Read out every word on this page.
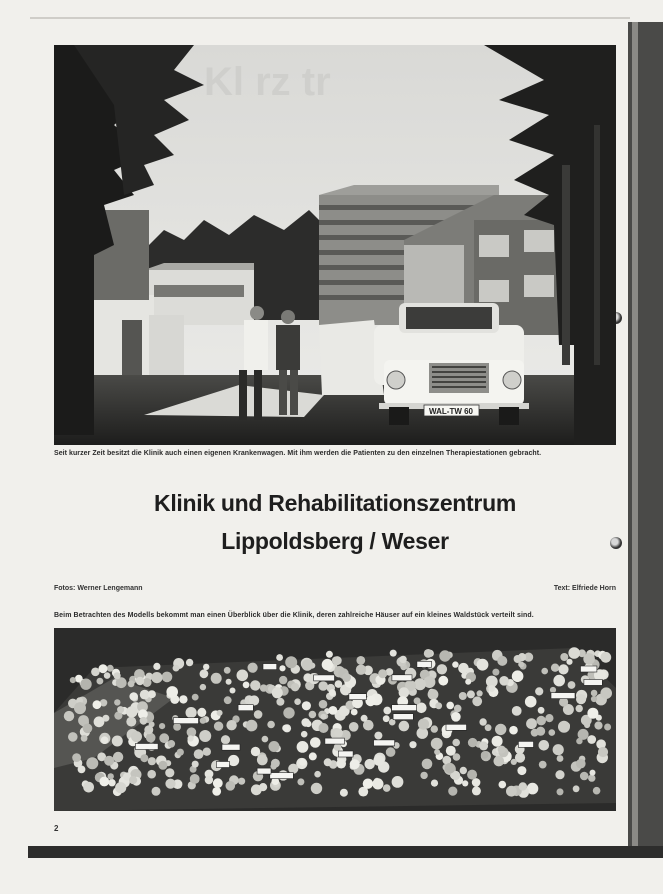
Kl rz tr
WAL-TW 60
Seit kurzer Zeit besitzt die Klinik auch einen eigenen Krankenwagen. Mit ihm werden die Patienten zu den einzelnen Therapiestationen gebracht.
Klinik und Rehabilitationszentrum
Lippoldsberg / Weser
Fotos: Werner Lengemann	Text: Elfriede Horn
Beim Betrachten des Modells bekommt man einen Überblick über die Klinik, deren zahlreiche Häuser auf ein kleines Waldstück verteilt sind.
2
